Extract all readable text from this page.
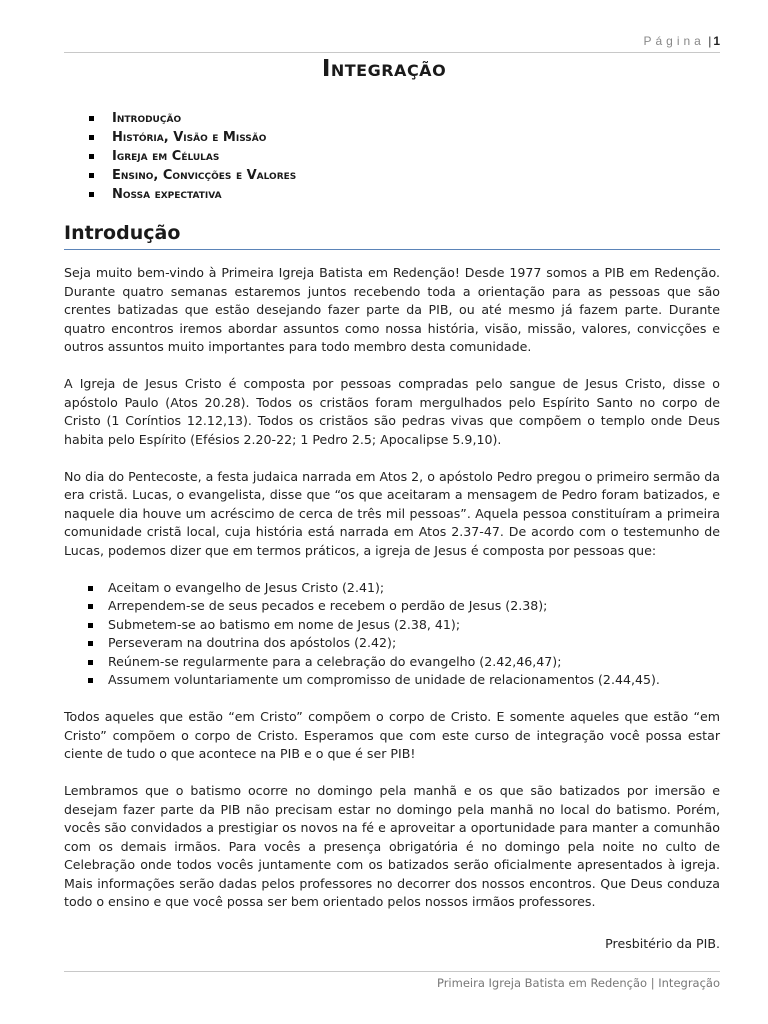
Página | 1
Integração
Introdução
História, Visão e Missão
Igreja em Células
Ensino, Convicções e Valores
Nossa expectativa
Introdução

Seja muito bem-vindo à Primeira Igreja Batista em Redenção! Desde 1977 somos a PIB em Redenção. Durante quatro semanas estaremos juntos recebendo toda a orientação para as pessoas que são crentes batizadas que estão desejando fazer parte da PIB, ou até mesmo já fazem parte. Durante quatro encontros iremos abordar assuntos como nossa história, visão, missão, valores, convicções e outros assuntos muito importantes para todo membro desta comunidade.

A Igreja de Jesus Cristo é composta por pessoas compradas pelo sangue de Jesus Cristo, disse o apóstolo Paulo (Atos 20.28). Todos os cristãos foram mergulhados pelo Espírito Santo no corpo de Cristo (1 Coríntios 12.12,13). Todos os cristãos são pedras vivas que compõem o templo onde Deus habita pelo Espírito (Efésios 2.20-22; 1 Pedro 2.5; Apocalipse 5.9,10).

No dia do Pentecoste, a festa judaica narrada em Atos 2, o apóstolo Pedro pregou o primeiro sermão da era cristã. Lucas, o evangelista, disse que “os que aceitaram a mensagem de Pedro foram batizados, e naquele dia houve um acréscimo de cerca de três mil pessoas”. Aquela pessoa constituíram a primeira comunidade cristã local, cuja história está narrada em Atos 2.37-47. De acordo com o testemunho de Lucas, podemos dizer que em termos práticos, a igreja de Jesus é composta por pessoas que:

Aceitam o evangelho de Jesus Cristo (2.41);
Arrependem-se de seus pecados e recebem o perdão de Jesus (2.38);
Submetem-se ao batismo em nome de Jesus (2.38, 41);
Perseveram na doutrina dos apóstolos (2.42);
Reúnem-se regularmente para a celebração do evangelho (2.42,46,47);
Assumem voluntariamente um compromisso de unidade de relacionamentos (2.44,45).

Todos aqueles que estão “em Cristo” compõem o corpo de Cristo. E somente aqueles que estão “em Cristo” compõem o corpo de Cristo. Esperamos que com este curso de integração você possa estar ciente de tudo o que acontece na PIB e o que é ser PIB!

Lembramos que o batismo ocorre no domingo pela manhã e os que são batizados por imersão e desejam fazer parte da PIB não precisam estar no domingo pela manhã no local do batismo. Porém, vocês são convidados a prestigiar os novos na fé e aproveitar a oportunidade para manter a comunhão com os demais irmãos. Para vocês a presença obrigatória é no domingo pela noite no culto de Celebração onde todos vocês juntamente com os batizados serão oficialmente apresentados à igreja. Mais informações serão dadas pelos professores no decorrer dos nossos encontros. Que Deus conduza todo o ensino e que você possa ser bem orientado pelos nossos irmãos professores.

Presbitério da PIB.
Primeira Igreja Batista em Redenção | Integração
